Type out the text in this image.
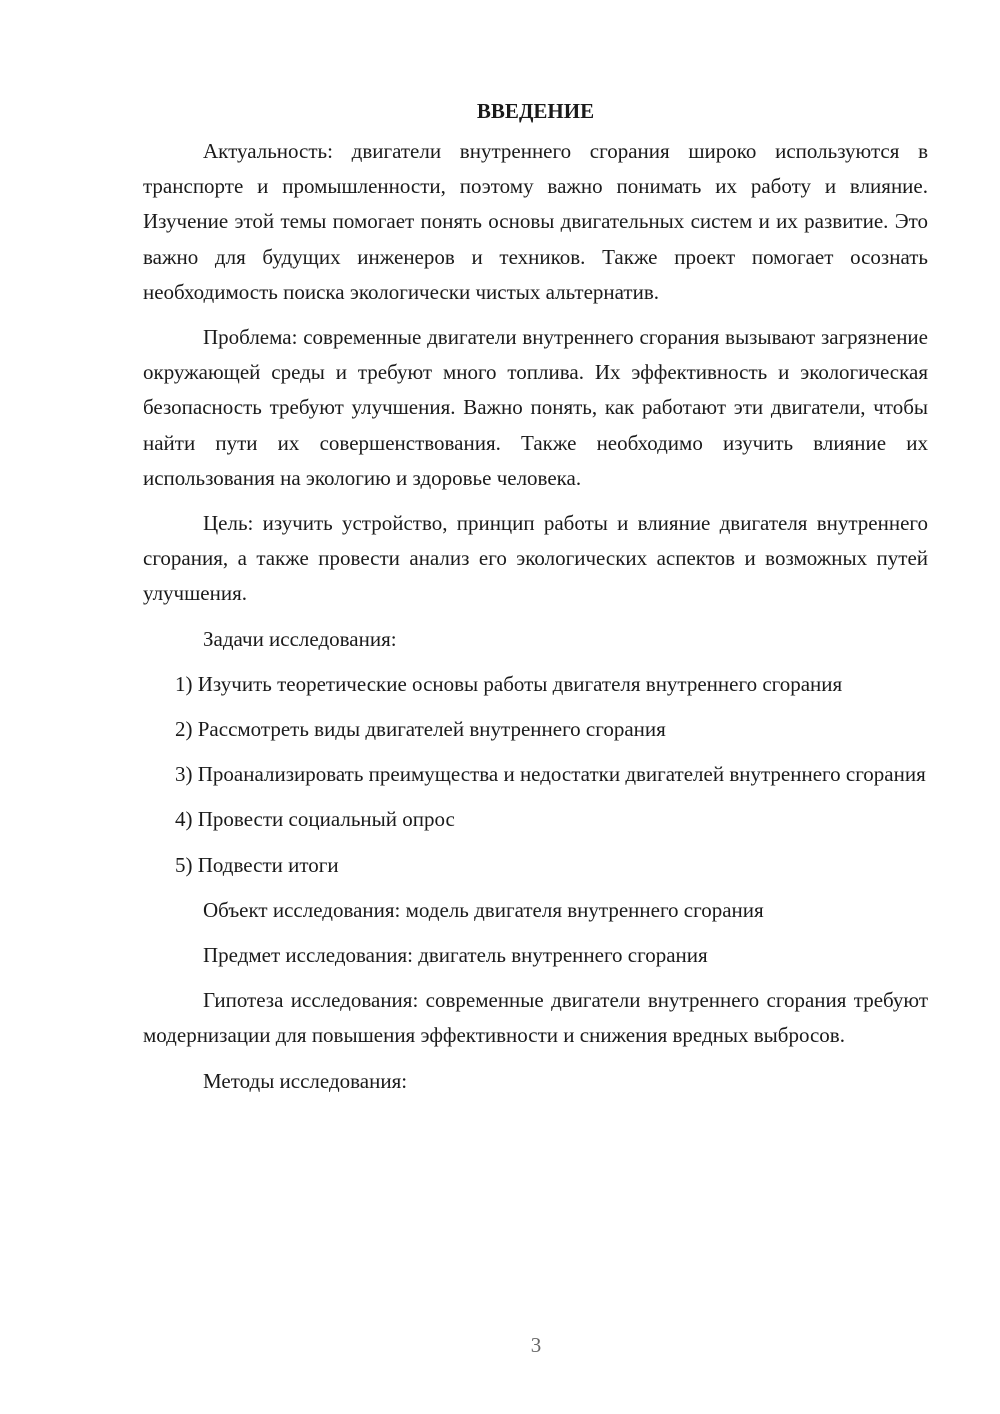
ВВЕДЕНИЕ

Актуальность: двигатели внутреннего сгорания широко используются в транспорте и промышленности, поэтому важно понимать их работу и влияние. Изучение этой темы помогает понять основы двигательных систем и их развитие. Это важно для будущих инженеров и техников. Также проект помогает осознать необходимость поиска экологически чистых альтернатив.

Проблема: современные двигатели внутреннего сгорания вызывают загрязнение окружающей среды и требуют много топлива. Их эффективность и экологическая безопасность требуют улучшения. Важно понять, как работают эти двигатели, чтобы найти пути их совершенствования. Также необходимо изучить влияние их использования на экологию и здоровье человека.

Цель: изучить устройство, принцип работы и влияние двигателя внутреннего сгорания, а также провести анализ его экологических аспектов и возможных путей улучшения.

Задачи исследования:

1) Изучить теоретические основы работы двигателя внутреннего сгорания

2) Рассмотреть виды двигателей внутреннего сгорания

3) Проанализировать преимущества и недостатки двигателей внутреннего сгорания

4) Провести социальный опрос

5) Подвести итоги

Объект исследования: модель двигателя внутреннего сгорания

Предмет исследования: двигатель внутреннего сгорания

Гипотеза исследования: современные двигатели внутреннего сгорания требуют модернизации для повышения эффективности и снижения вредных выбросов.

Методы исследования:

3
